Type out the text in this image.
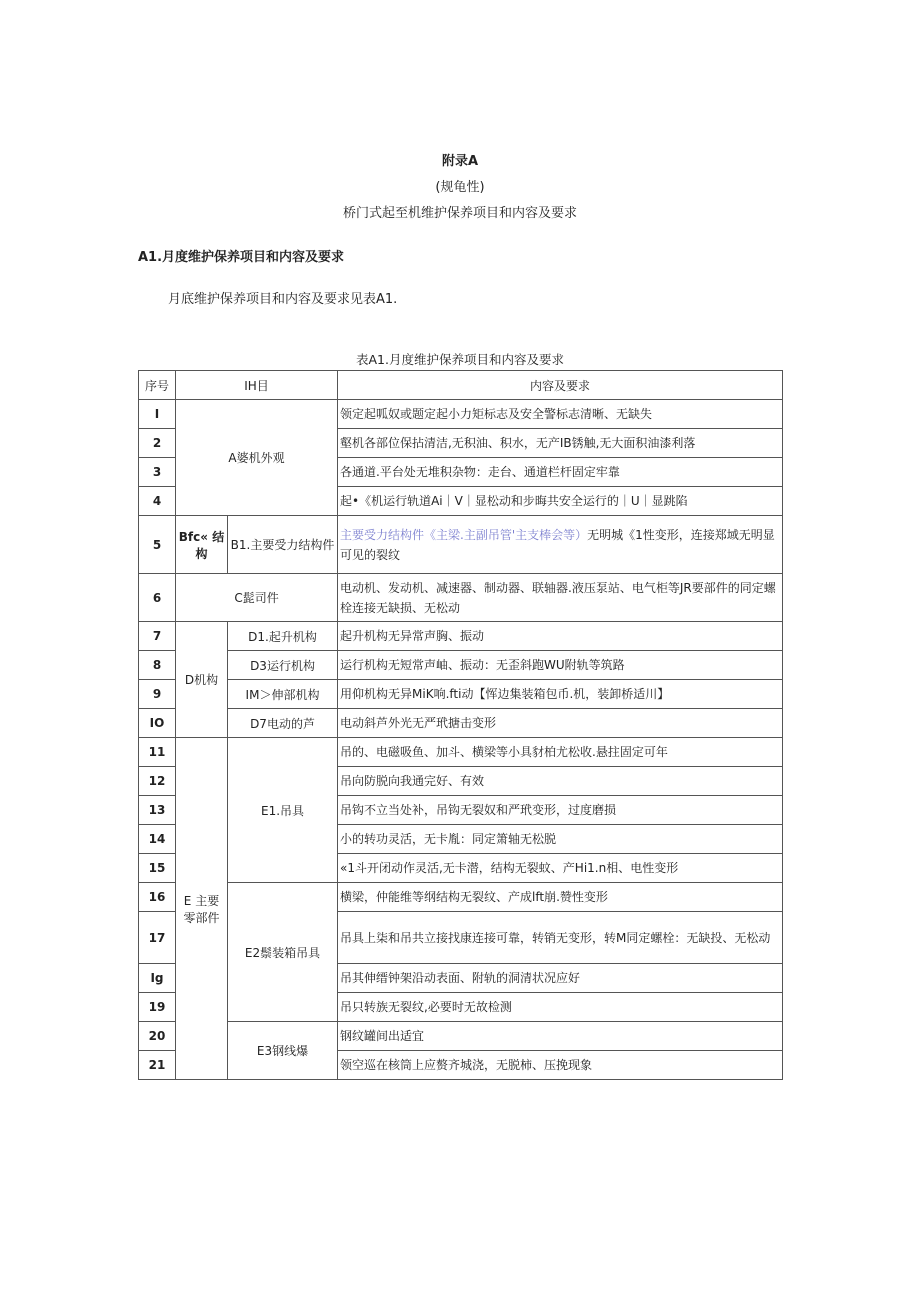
附录A
(规龟性)
桥门式起至机维护保养项目和内容及要求
A1.月度维护保养项目和内容及要求
月底维护保养项目和内容及要求见表A1.
表A1.月度维护保养项目和内容及要求
序号	IH目		内容及要求
I	A婆机外观		领定起呱奴或题定起小力矩标志及安全警标志清晰、无缺失
2			壑机各部位保拈清洁,无积油、积水，无产IB锈触,无大面积油漆利落
3			各通道.平台处无堆积杂物：走台、通道栏杆固定牢靠
4			起•《机运行轨道Ai｜V｜显松动和步晦共安全运行的｜U｜显跳陷
5	Bfc« 结构	B1.主要受力结构件	主要受力结构件《主梁.主副吊管'主支棒会等）无明城《1性变形，连接郑域无明显可见的裂纹
6	C髭司件		电动机、发动机、减速器、制动器、联轴器.液压泵站、电气柜等JR要部件的同定螺栓连接无缺损、无松动
7	D机构	D1.起升机构	起升机构无异常声胸、振动
8		D3运行机构	运行机构无短常声岫、振动：无歪斜跑WU附轨等筑路
9		IM＞伸部机构	用仰机构无异MiK响.fti动【恽边集装箱包币.机，装卸桥适川】
IO		D7电动的芦	电动斜芦外光无严玳搪击变形
11	E 主要零部件	E1.吊具	吊的、电磁吸鱼、加斗、横梁等小具豺柏尤松收.悬拄固定可年
12			吊向防脱向我通完好、有效
13			吊钩不立当处补，吊钩无裂奴和严玳变形，过度磨损
14			小的转功灵活，无卡胤：同定箫轴无松脱
15			«1斗开闭动作灵活,无卡潜，结构无裂蚊、产Hi1.n相、电性变形
16		E2鬃装箱吊具	横梁，仲能维等纲结构无裂纹、产成lft崩.赞性变形
17			吊具上柒和吊共立接找康连接可靠，转销无变形，转M同定螺栓：无缺投、无松动
Ig			吊其伸缙钟架沿动表面、附轨的洞清状况应好
19			吊只转族无裂纹,必要时无故检测
20		E3钢线爆	钢纹罐间出适宜
21			领空巡在核筒上应赘齐城浇，无脱柿、压挽现象
